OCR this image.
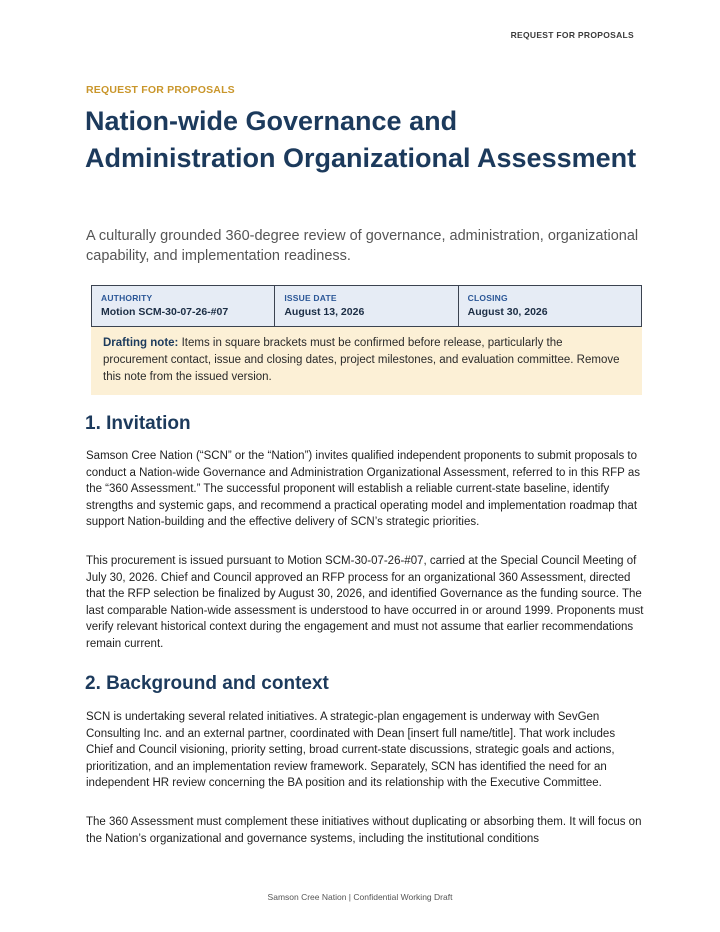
REQUEST FOR PROPOSALS
REQUEST FOR PROPOSALS
Nation-wide Governance and Administration Organizational Assessment

A culturally grounded 360-degree review of governance, administration, organizational capability, and implementation readiness.

AUTHORITY
Motion SCM-30-07-26-#07
ISSUE DATE
August 13, 2026
CLOSING
August 30, 2026
Drafting note: Items in square brackets must be confirmed before release, particularly the procurement contact, issue and closing dates, project milestones, and evaluation committee. Remove this note from the issued version.
1. Invitation

Samson Cree Nation (“SCN” or the “Nation”) invites qualified independent proponents to submit proposals to conduct a Nation-wide Governance and Administration Organizational Assessment, referred to in this RFP as the “360 Assessment.” The successful proponent will establish a reliable current-state baseline, identify strengths and systemic gaps, and recommend a practical operating model and implementation roadmap that support Nation-building and the effective delivery of SCN’s strategic priorities.

This procurement is issued pursuant to Motion SCM-30-07-26-#07, carried at the Special Council Meeting of July 30, 2026. Chief and Council approved an RFP process for an organizational 360 Assessment, directed that the RFP selection be finalized by August 30, 2026, and identified Governance as the funding source. The last comparable Nation-wide assessment is understood to have occurred in or around 1999. Proponents must verify relevant historical context during the engagement and must not assume that earlier recommendations remain current.

2. Background and context

SCN is undertaking several related initiatives. A strategic-plan engagement is underway with SevGen Consulting Inc. and an external partner, coordinated with Dean [insert full name/title]. That work includes Chief and Council visioning, priority setting, broad current-state discussions, strategic goals and actions, prioritization, and an implementation review framework. Separately, SCN has identified the need for an independent HR review concerning the BA position and its relationship with the Executive Committee.

The 360 Assessment must complement these initiatives without duplicating or absorbing them. It will focus on the Nation’s organizational and governance systems, including the institutional conditions

Samson Cree Nation | Confidential Working Draft
